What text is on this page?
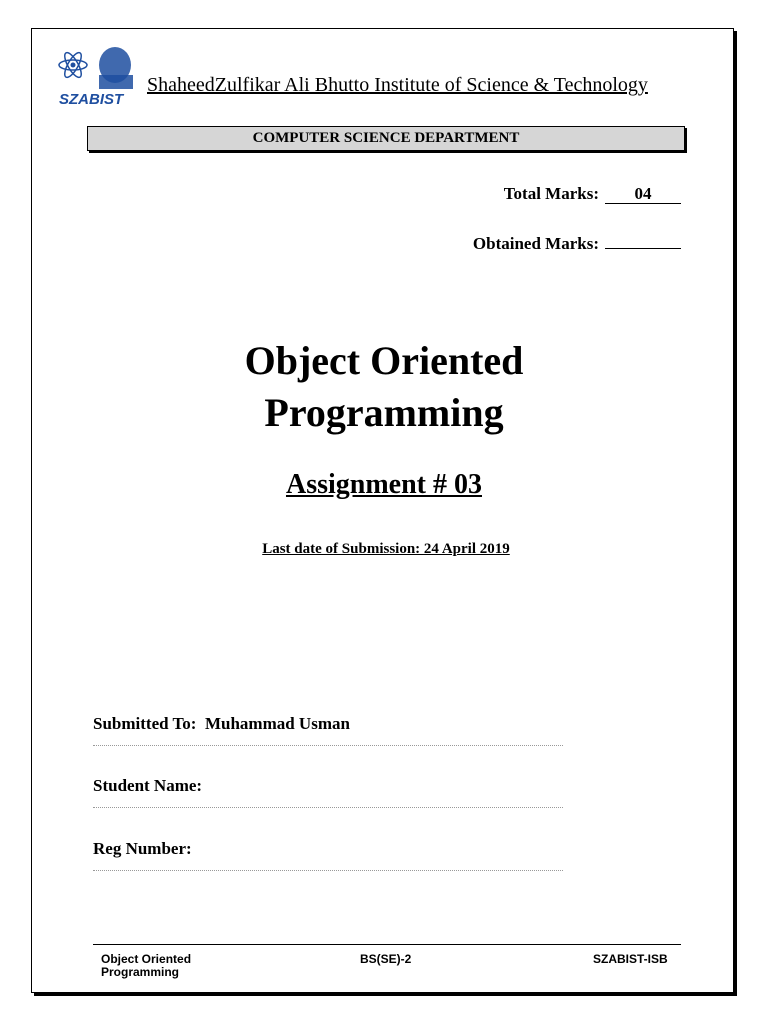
SZABIST
ShaheedZulfikar Ali Bhutto Institute of Science & Technology
COMPUTER SCIENCE DEPARTMENT
Total Marks:	04
Obtained Marks:
Object Oriented
Programming
Assignment # 03
Last date of Submission: 24 April 2019
Submitted To:  Muhammad Usman
Student Name:
Reg Number:
Object Oriented
Programming
BS(SE)-2	SZABIST-ISB
